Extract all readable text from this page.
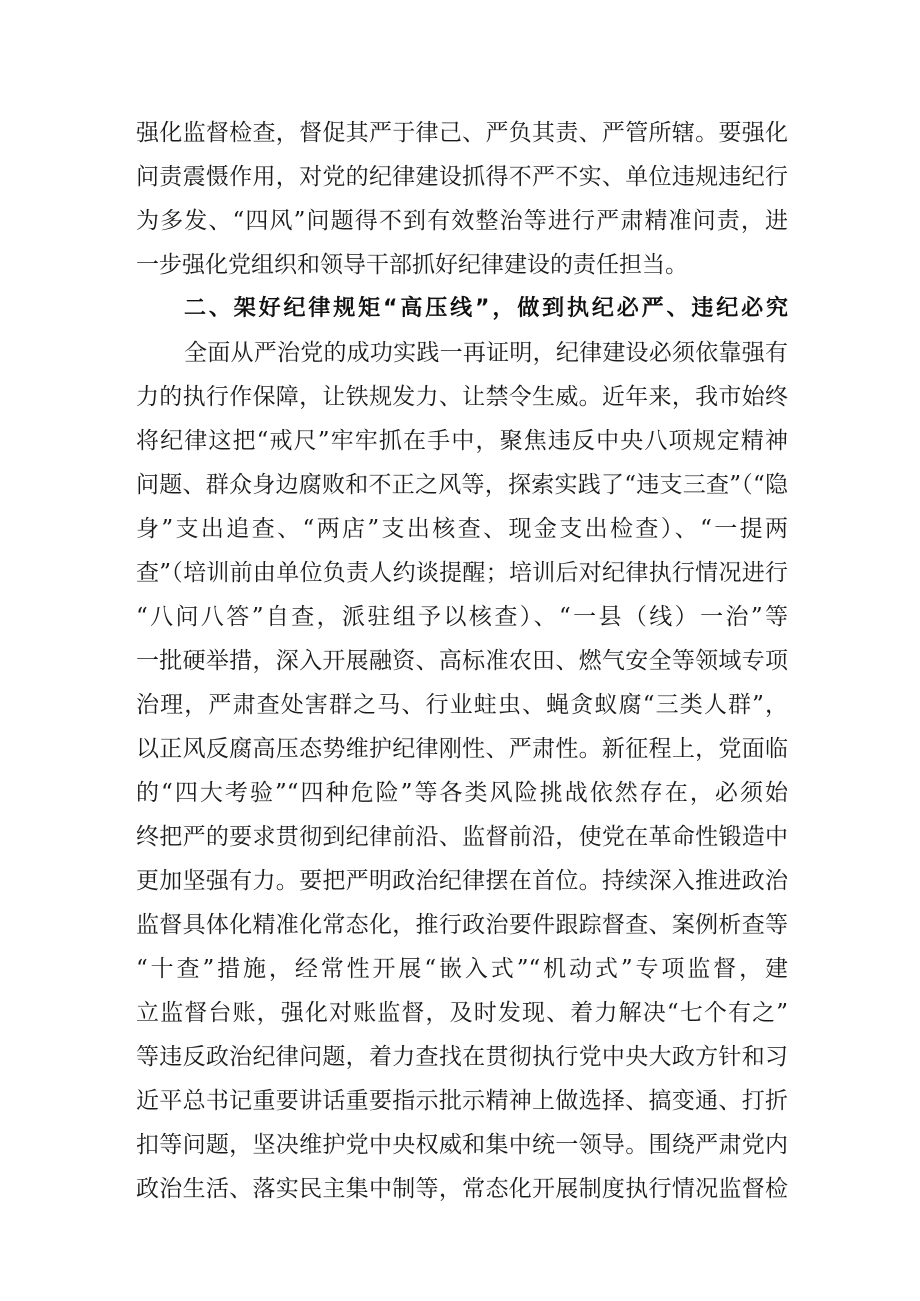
强化监督检查，督促其严于律己、严负其责、严管所辖。要强化
问责震慑作用，对党的纪律建设抓得不严不实、单位违规违纪行
为多发、“四风”问题得不到有效整治等进行严肃精准问责，进
一步强化党组织和领导干部抓好纪律建设的责任担当。
二、架好纪律规矩“高压线”，做到执纪必严、违纪必究
全面从严治党的成功实践一再证明，纪律建设必须依靠强有
力的执行作保障，让铁规发力、让禁令生威。近年来，我市始终
将纪律这把“戒尺”牢牢抓在手中，聚焦违反中央八项规定精神
问题、群众身边腐败和不正之风等，探索实践了“违支三查”（“隐
身”支出追查、“两店”支出核查、现金支出检查）、“一提两
查”（培训前由单位负责人约谈提醒；培训后对纪律执行情况进行
“八问八答”自查，派驻组予以核查）、“一县（线）一治”等
一批硬举措，深入开展融资、高标准农田、燃气安全等领域专项
治理，严肃查处害群之马、行业蛀虫、蝇贪蚁腐“三类人群”，
以正风反腐高压态势维护纪律刚性、严肃性。新征程上，党面临
的“四大考验”“四种危险”等各类风险挑战依然存在，必须始
终把严的要求贯彻到纪律前沿、监督前沿，使党在革命性锻造中
更加坚强有力。要把严明政治纪律摆在首位。持续深入推进政治
监督具体化精准化常态化，推行政治要件跟踪督查、案例析查等
“十查”措施，经常性开展“嵌入式”“机动式”专项监督，建
立监督台账，强化对账监督，及时发现、着力解决“七个有之”
等违反政治纪律问题，着力查找在贯彻执行党中央大政方针和习
近平总书记重要讲话重要指示批示精神上做选择、搞变通、打折
扣等问题，坚决维护党中央权威和集中统一领导。围绕严肃党内
政治生活、落实民主集中制等，常态化开展制度执行情况监督检
